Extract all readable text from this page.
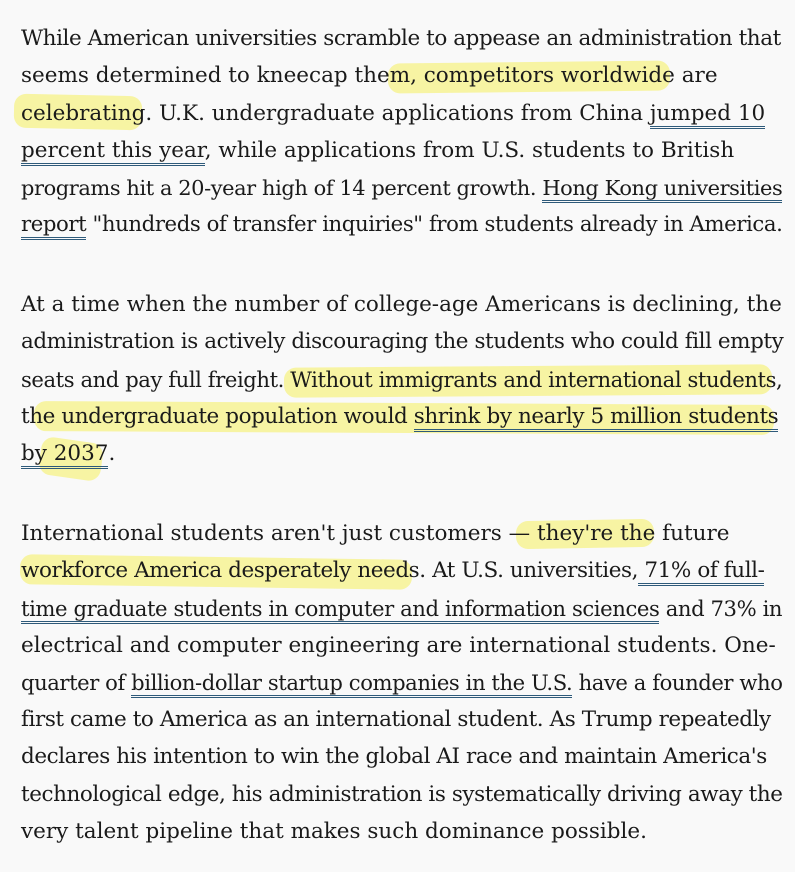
While American universities scramble to appease an administration that
seems determined to kneecap them, competitors worldwide are
celebrating. U.K. undergraduate applications from China jumped 10
percent this year, while applications from U.S. students to British
programs hit a 20-year high of 14 percent growth. Hong Kong universities
report "hundreds of transfer inquiries" from students already in America.
At a time when the number of college-age Americans is declining, the
administration is actively discouraging the students who could fill empty
seats and pay full freight. Without immigrants and international students,
the undergraduate population would shrink by nearly 5 million students
by 2037.
International students aren't just customers — they're the future
workforce America desperately needs. At U.S. universities, 71% of full-
time graduate students in computer and information sciences and 73% in
electrical and computer engineering are international students. One-
quarter of billion-dollar startup companies in the U.S. have a founder who
first came to America as an international student. As Trump repeatedly
declares his intention to win the global AI race and maintain America's
technological edge, his administration is systematically driving away the
very talent pipeline that makes such dominance possible.
